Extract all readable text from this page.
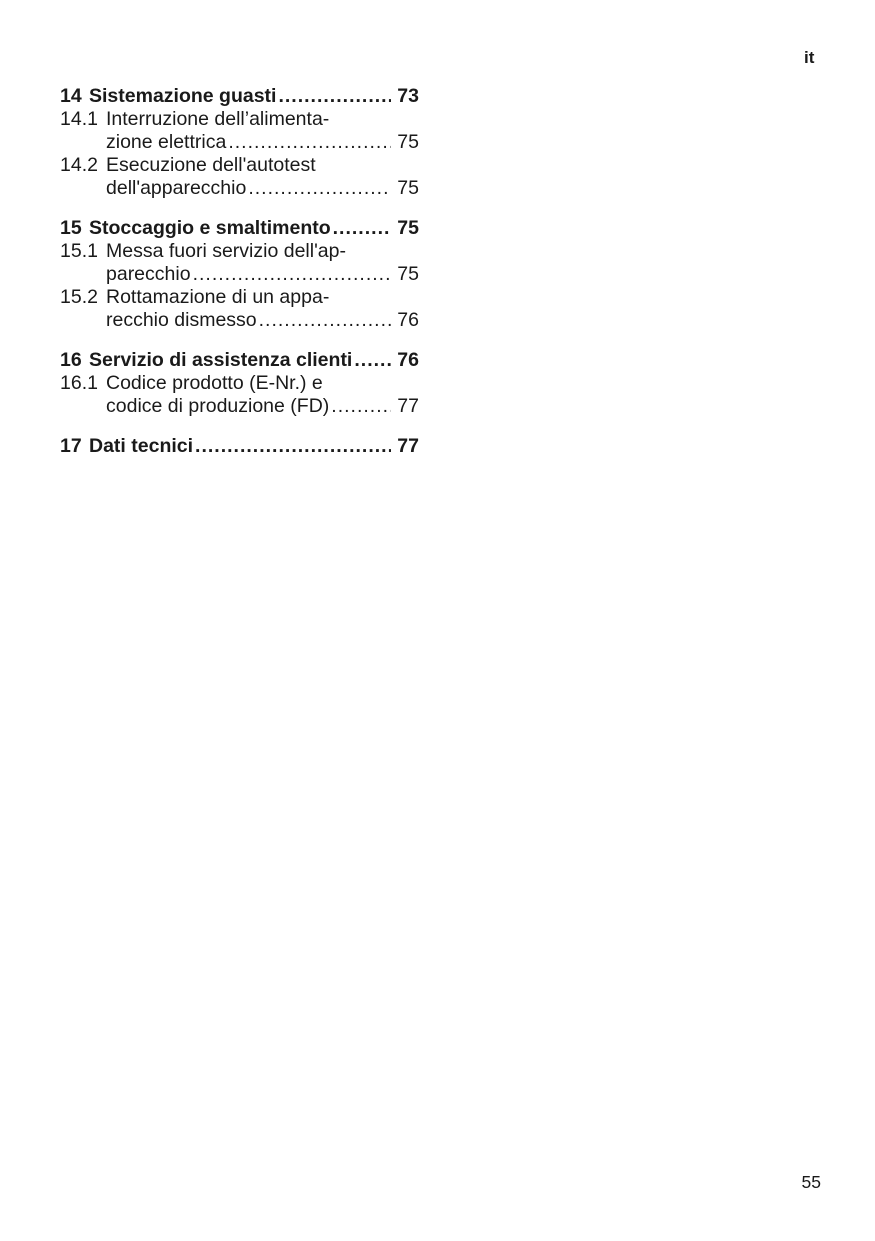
it
14 Sistemazione guasti .....	73
14.1 Interruzione dell’alimenta-
zione elettrica .....	75
14.2 Esecuzione dell'autotest
dell'apparecchio .....	75
15 Stoccaggio e smaltimento .....	75
15.1 Messa fuori servizio dell'ap-
parecchio .....	75
15.2 Rottamazione di un appa-
recchio dismesso .....	76
16 Servizio di assistenza clienti ..... 76
16.1 Codice prodotto (E-Nr.) e
codice di produzione (FD) .....	77
17 Dati tecnici .....	77
55
